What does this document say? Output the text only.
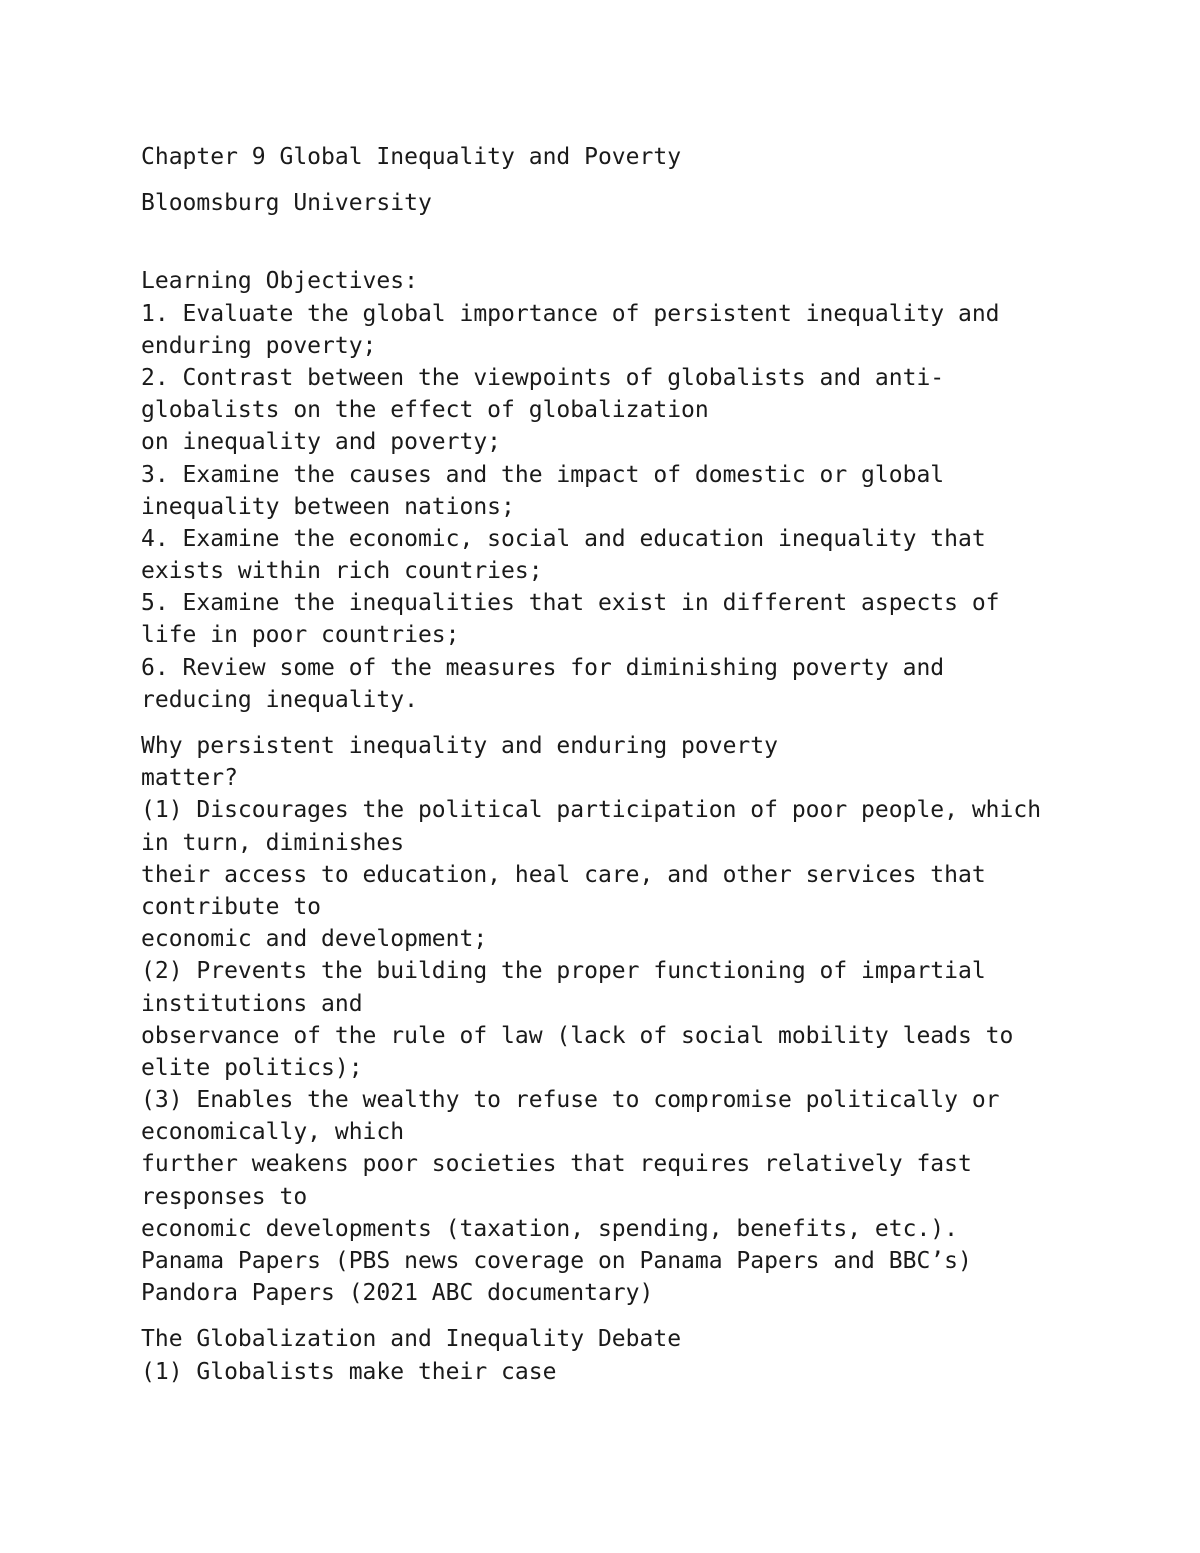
Chapter 9 Global Inequality and Poverty
Bloomsburg University
Learning Objectives:
1. Evaluate the global importance of persistent inequality and
enduring poverty;
2. Contrast between the viewpoints of globalists and anti-
globalists on the effect of globalization
on inequality and poverty;
3. Examine the causes and the impact of domestic or global
inequality between nations;
4. Examine the economic, social and education inequality that
exists within rich countries;
5. Examine the inequalities that exist in different aspects of
life in poor countries;
6. Review some of the measures for diminishing poverty and
reducing inequality.
Why persistent inequality and enduring poverty
matter?
(1) Discourages the political participation of poor people, which
in turn, diminishes
their access to education, heal care, and other services that
contribute to
economic and development;
(2) Prevents the building the proper functioning of impartial
institutions and
observance of the rule of law (lack of social mobility leads to
elite politics);
(3) Enables the wealthy to refuse to compromise politically or
economically, which
further weakens poor societies that requires relatively fast
responses to
economic developments (taxation, spending, benefits, etc.).
Panama Papers (PBS news coverage on Panama Papers and BBC’s)
Pandora Papers (2021 ABC documentary)
The Globalization and Inequality Debate
(1) Globalists make their case
